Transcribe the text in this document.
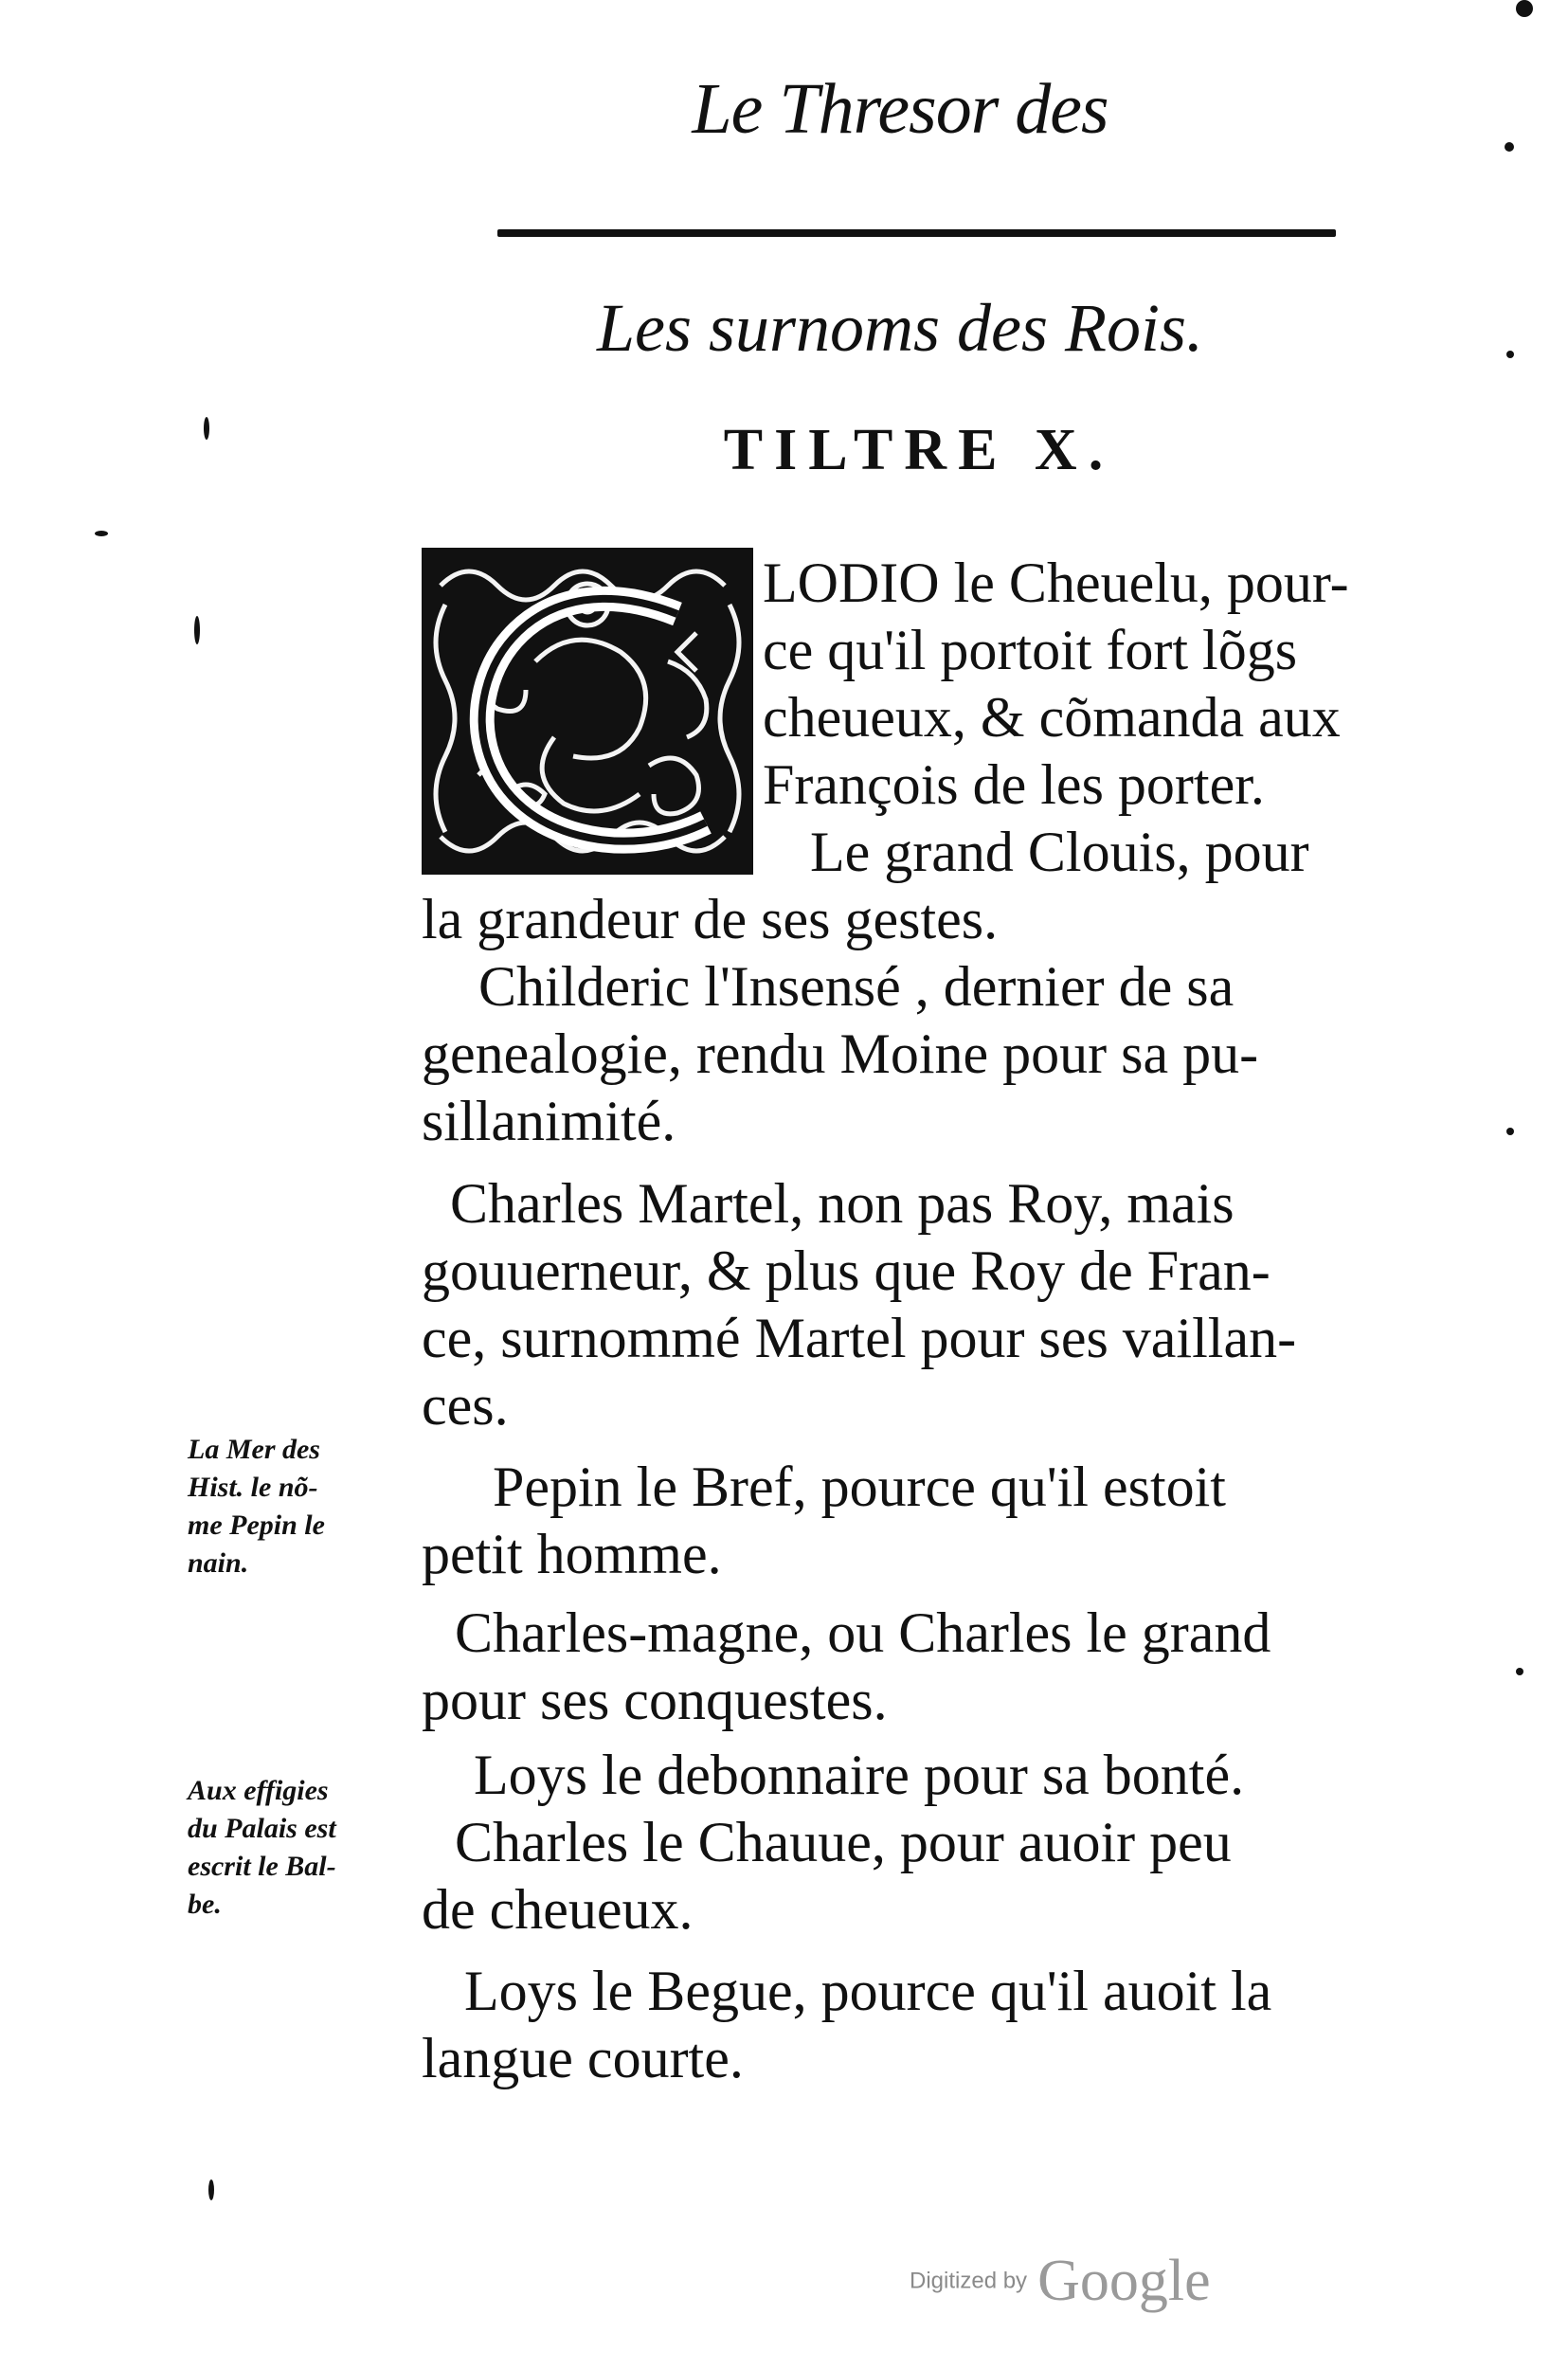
Le Thresor des
Les surnoms des Rois.
TILTRE X.
LODIO le Cheuelu, pour-
ce qu'il portoit fort lõgs
cheueux, & cõmanda aux
François de les porter.
Le grand Clouis, pour
la grandeur de ses gestes.
Childeric l'Insensé , dernier de sa
genealogie, rendu Moine pour sa pu-
sillanimité.
Charles Martel, non pas Roy, mais
gouuerneur, & plus que Roy de Fran-
ce, surnommé Martel pour ses vaillan-
ces.
Pepin le Bref, pource qu'il estoit
petit homme.
Charles-magne, ou Charles le grand
pour ses conquestes.
Loys le debonnaire pour sa bonté.
Charles le Chauue, pour auoir peu
de cheueux.
Loys le Begue, pource qu'il auoit la
langue courte.
La Mer des
Hist. le nõ-
me Pepin le
nain.
Aux effigies
du Palais est
escrit le Bal-
be.
Digitized by Google
